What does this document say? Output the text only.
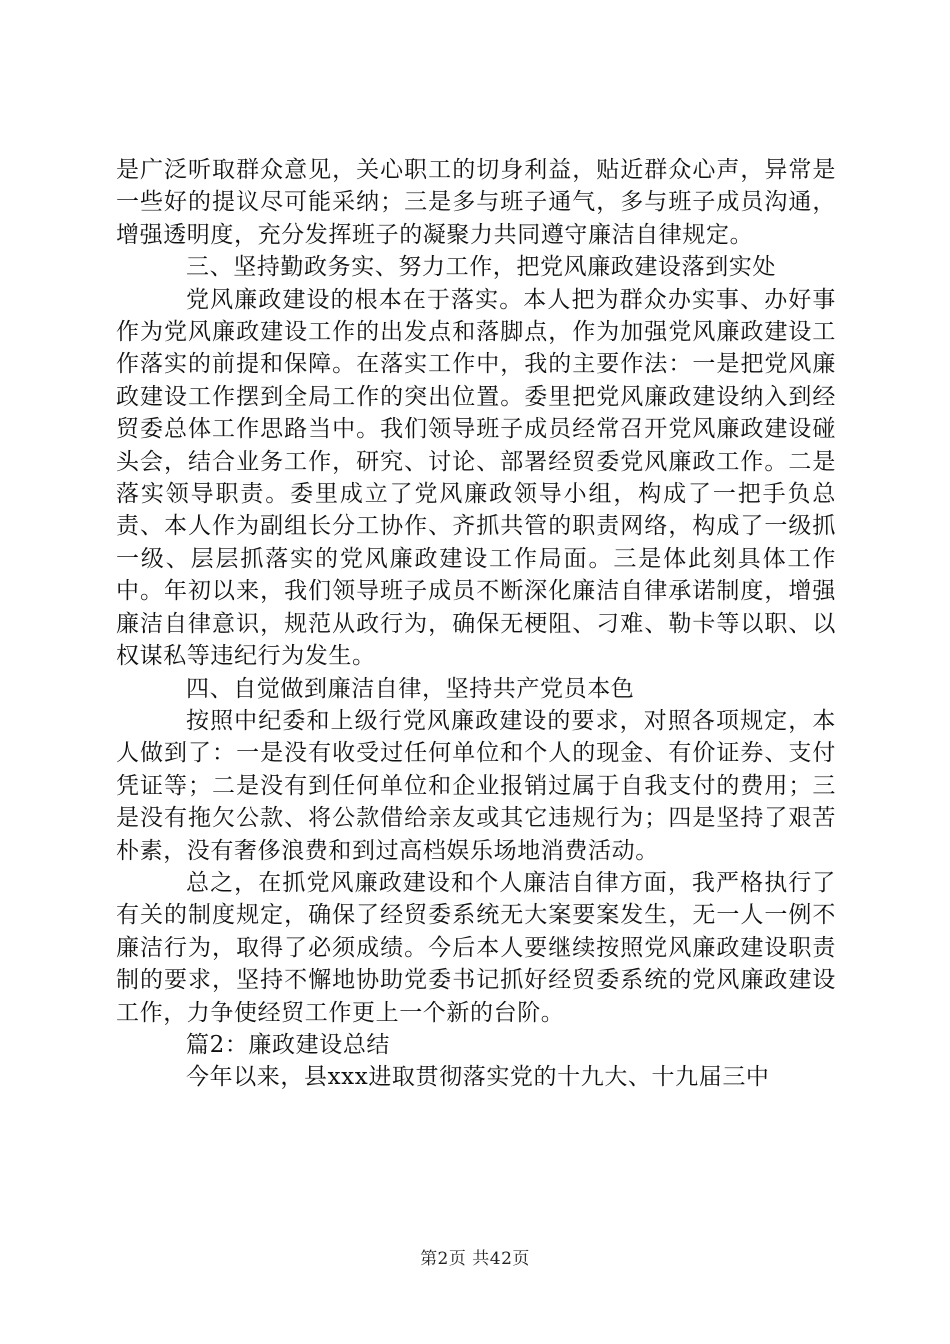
是广泛听取群众意见，关心职工的切身利益，贴近群众心声，异常是一些好的提议尽可能采纳；三是多与班子通气，多与班子成员沟通，增强透明度，充分发挥班子的凝聚力共同遵守廉洁自律规定。

三、坚持勤政务实、努力工作，把党风廉政建设落到实处

党风廉政建设的根本在于落实。本人把为群众办实事、办好事作为党风廉政建设工作的出发点和落脚点，作为加强党风廉政建设工作落实的前提和保障。在落实工作中，我的主要作法：一是把党风廉政建设工作摆到全局工作的突出位置。委里把党风廉政建设纳入到经贸委总体工作思路当中。我们领导班子成员经常召开党风廉政建设碰头会，结合业务工作，研究、讨论、部署经贸委党风廉政工作。二是落实领导职责。委里成立了党风廉政领导小组，构成了一把手负总责、本人作为副组长分工协作、齐抓共管的职责网络，构成了一级抓一级、层层抓落实的党风廉政建设工作局面。三是体此刻具体工作中。年初以来，我们领导班子成员不断深化廉洁自律承诺制度，增强廉洁自律意识，规范从政行为，确保无梗阻、刁难、勒卡等以职、以权谋私等违纪行为发生。

四、自觉做到廉洁自律，坚持共产党员本色

按照中纪委和上级行党风廉政建设的要求，对照各项规定，本人做到了：一是没有收受过任何单位和个人的现金、有价证券、支付凭证等；二是没有到任何单位和企业报销过属于自我支付的费用；三是没有拖欠公款、将公款借给亲友或其它违规行为；四是坚持了艰苦朴素，没有奢侈浪费和到过高档娱乐场地消费活动。

总之，在抓党风廉政建设和个人廉洁自律方面，我严格执行了有关的制度规定，确保了经贸委系统无大案要案发生，无一人一例不廉洁行为，取得了必须成绩。今后本人要继续按照党风廉政建设职责制的要求，坚持不懈地协助党委书记抓好经贸委系统的党风廉政建设工作，力争使经贸工作更上一个新的台阶。

篇2：廉政建设总结

今年以来，县xxx进取贯彻落实党的十九大、十九届三中

第2页 共42页
